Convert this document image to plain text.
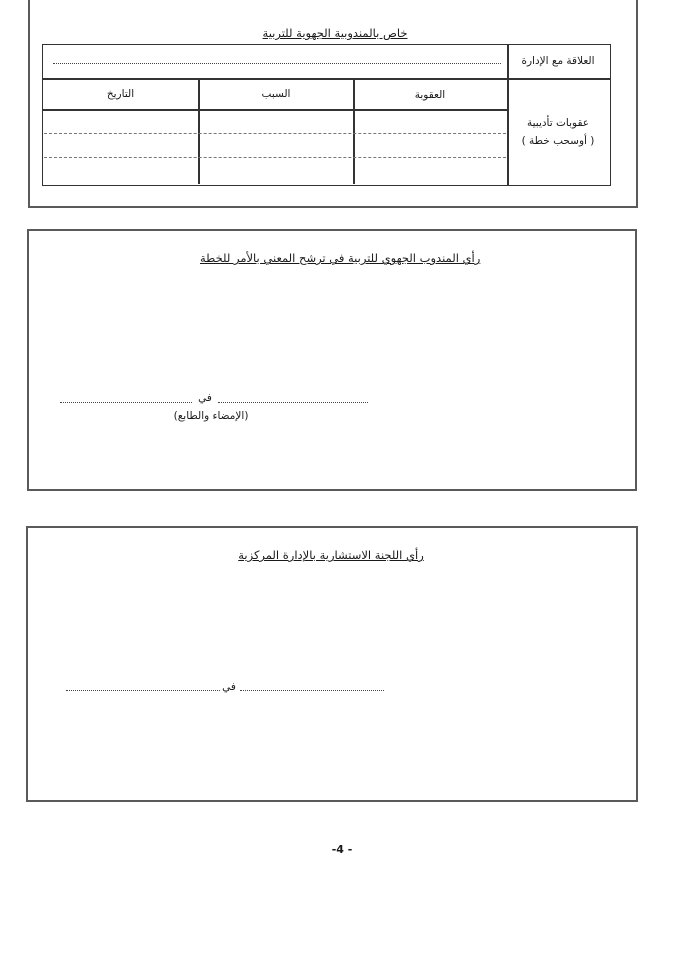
خاص بالمندوبية الجهوية للتربية
العلاقة مع الإدارة
عقوبات تأديبية
( أوسحب خطة )
العقوبة
السبب
التاريخ
رأي المندوب الجهوي للتربية في ترشح المعني بالأمر للخطة
في
(الإمضاء والطابع)
رأي اللجنة الاستشارية بالإدارة المركزية
في
-4 -
